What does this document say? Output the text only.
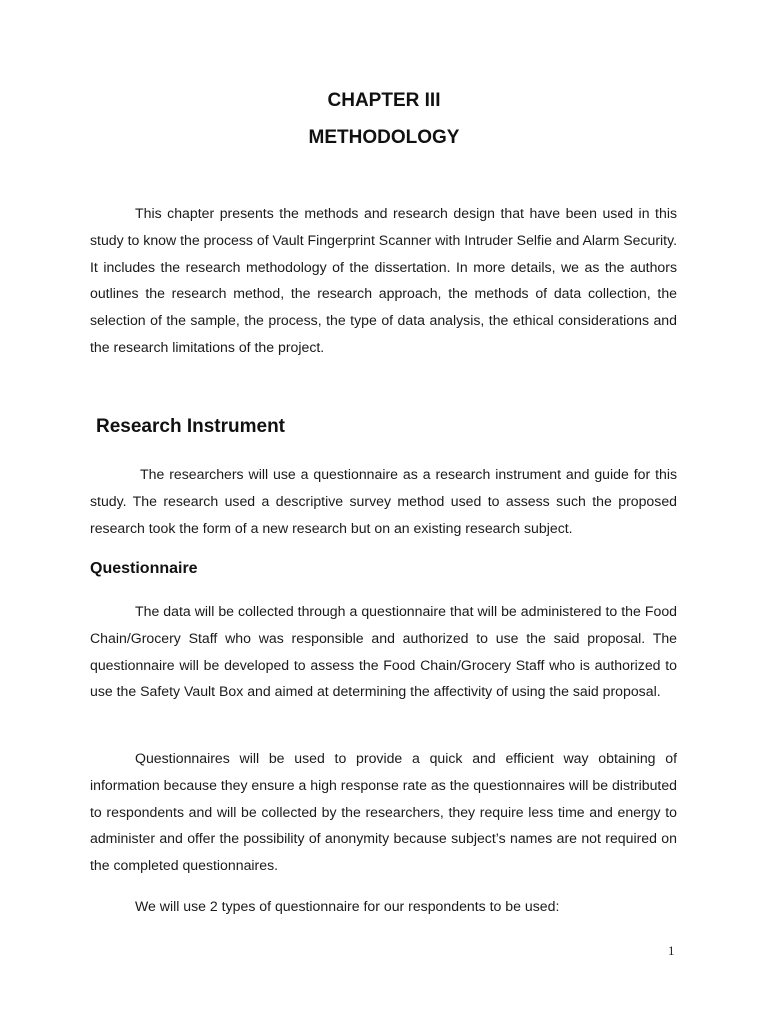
CHAPTER III
METHODOLOGY

This chapter presents the methods and research design that have been used in this study to know the process of Vault Fingerprint Scanner with Intruder Selfie and Alarm Security. It includes the research methodology of the dissertation. In more details, we as the authors outlines the research method, the research approach, the methods of data collection, the selection of the sample, the process, the type of data analysis, the ethical considerations and the research limitations of the project.

Research Instrument

The researchers will use a questionnaire as a research instrument and guide for this study. The research used a descriptive survey method used to assess such the proposed research took the form of a new research but on an existing research subject.

Questionnaire

The data will be collected through a questionnaire that will be administered to the Food Chain/Grocery Staff who was responsible and authorized to use the said proposal. The questionnaire will be developed to assess the Food Chain/Grocery Staff who is authorized to use the Safety Vault Box and aimed at determining the affectivity of using the said proposal.

Questionnaires will be used to provide a quick and efficient way obtaining of information because they ensure a high response rate as the questionnaires will be distributed to respondents and will be collected by the researchers, they require less time and energy to administer and offer the possibility of anonymity because subject’s names are not required on the completed questionnaires.

We will use 2 types of questionnaire for our respondents to be used:

1
